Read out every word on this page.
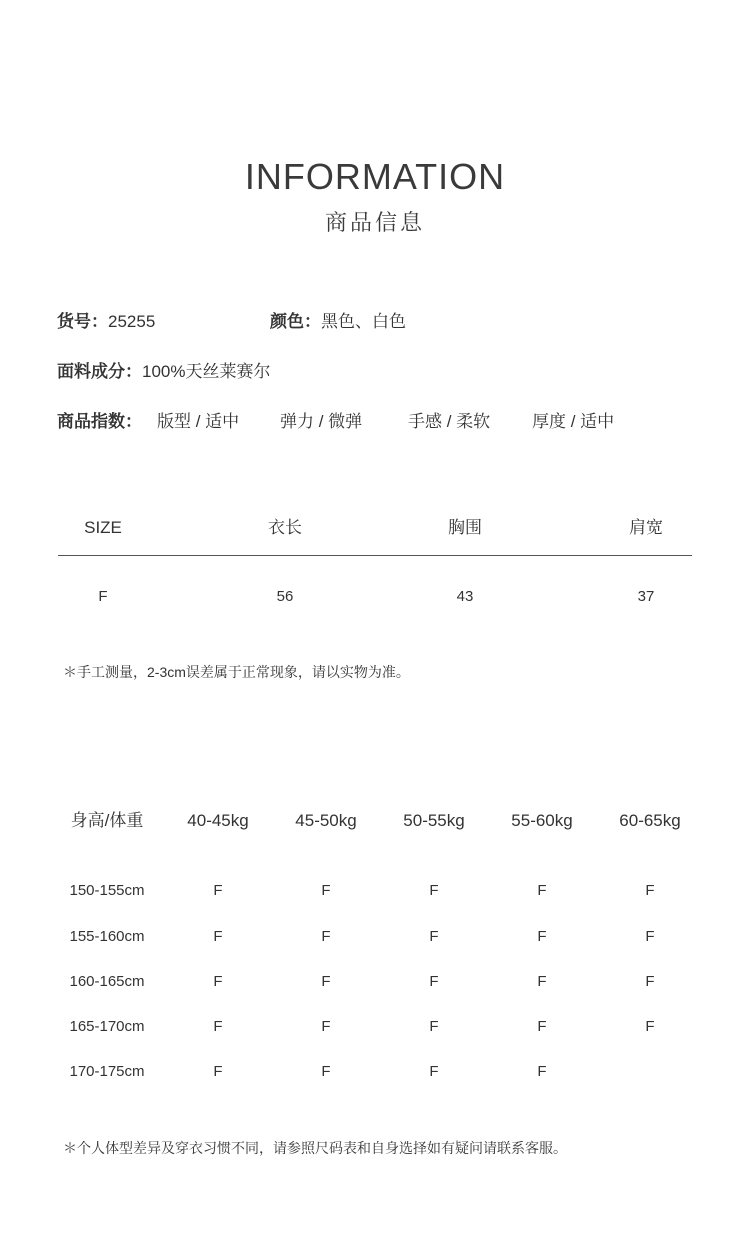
INFORMATION
商品信息
货号：25255	颜色：黑色、白色
面料成分：100%天丝莱赛尔
商品指数： 版型 / 适中 弹力 / 微弹	手感 / 柔软 厚度 / 适中
SIZE	衣长	胸围	肩宽
F	56	43	37
＊手工测量，2-3cm误差属于正常现象，请以实物为准。
身高/体重	40-45kg	45-50kg	50-55kg	55-60kg	60-65kg
150-155cm	F	F	F	F	F
155-160cm	F	F	F	F	F
160-165cm	F	F	F	F	F
165-170cm	F	F	F	F	F
170-175cm	F	F	F	F
＊个人体型差异及穿衣习惯不同，请参照尺码表和自身选择如有疑问请联系客服。
